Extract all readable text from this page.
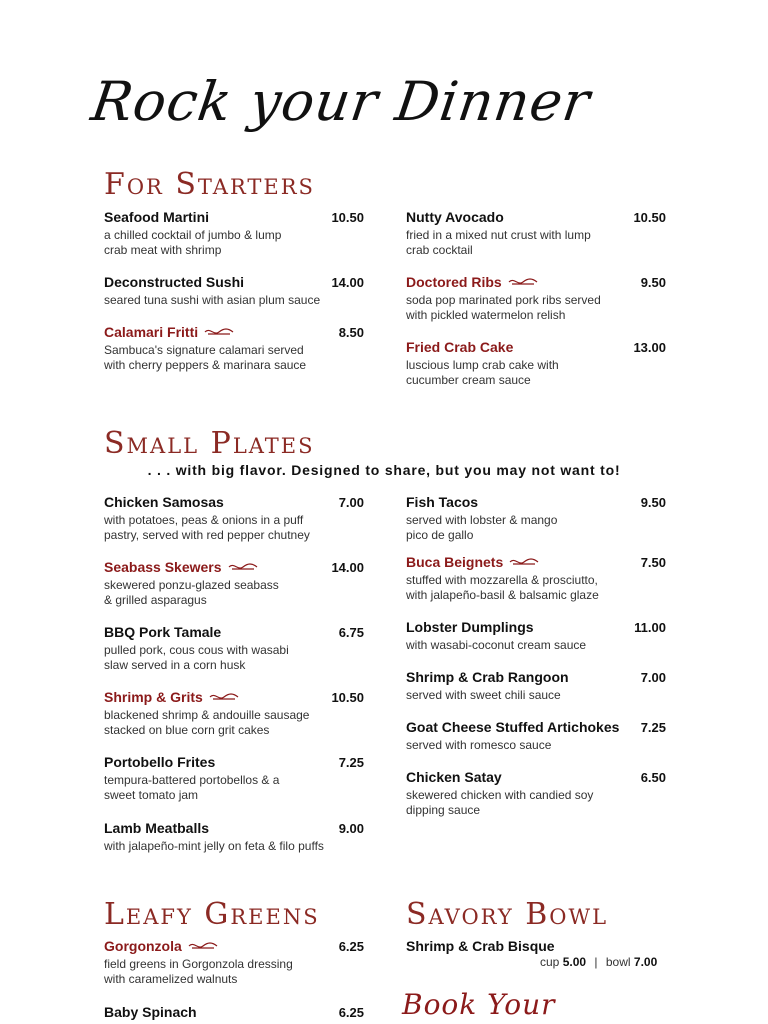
Rock your Dinner
For Starters
Seafood Martini	10.50
a chilled cocktail of jumbo & lump crab meat with shrimp
Deconstructed Sushi	14.00
seared tuna sushi with asian plum sauce
Calamari Fritti	8.50
Sambuca's signature calamari served with cherry peppers & marinara sauce
Nutty Avocado	10.50
fried in a mixed nut crust with lump crab cocktail
Doctored Ribs	9.50
soda pop marinated pork ribs served with pickled watermelon relish
Fried Crab Cake	13.00
luscious lump crab cake with cucumber cream sauce
Small Plates
. . . with big flavor. Designed to share, but you may not want to!
Chicken Samosas	7.00
with potatoes, peas & onions in a puff pastry, served with red pepper chutney
Seabass Skewers	14.00
skewered ponzu-glazed seabass & grilled asparagus
BBQ Pork Tamale	6.75
pulled pork, cous cous with wasabi slaw served in a corn husk
Shrimp & Grits	10.50
blackened shrimp & andouille sausage stacked on blue corn grit cakes
Portobello Frites	7.25
tempura-battered portobellos & a sweet tomato jam
Lamb Meatballs	9.00
with jalapeño-mint jelly on feta & filo puffs
Fish Tacos	9.50
served with lobster & mango pico de gallo
Buca Beignets	7.50
stuffed with mozzarella & prosciutto, with jalapeño-basil & balsamic glaze
Lobster Dumplings	11.00
with wasabi-coconut cream sauce
Shrimp & Crab Rangoon	7.00
served with sweet chili sauce
Goat Cheese Stuffed Artichokes 7.25
served with romesco sauce
Chicken Satay	6.50
skewered chicken with candied soy dipping sauce
Leafy Greens
Gorgonzola	6.25
field greens in Gorgonzola dressing with caramelized walnuts
Baby Spinach	6.25
Savory Bowl
Shrimp & Crab Bisque
cup 5.00 | bowl 7.00
Book Your
